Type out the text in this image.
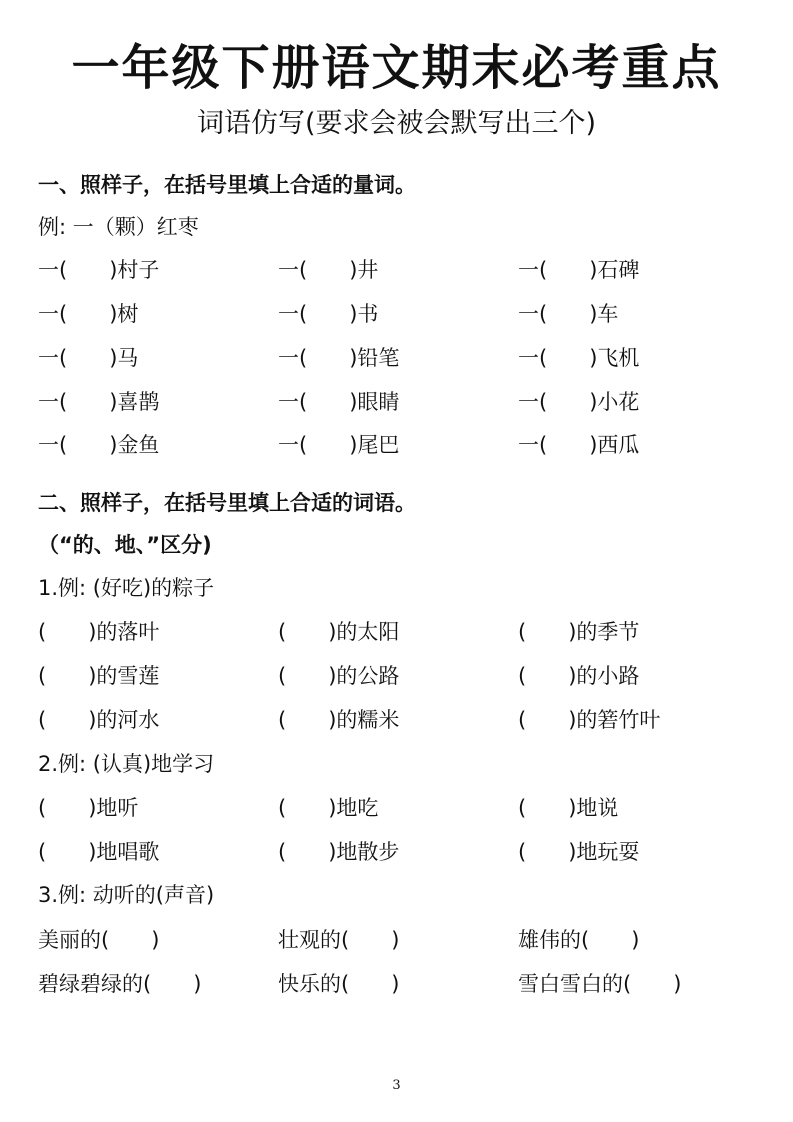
一年级下册语文期末必考重点
词语仿写(要求会被会默写出三个)
一、照样子，在括号里填上合适的量词。
例: 一（颗）红枣
一(　　)村子	一(　　)井	一(　　)石碑
一(　　)树	一(　　)书	一(　　)车
一(　　)马	一(　　)铅笔	一(　　)飞机
一(　　)喜鹊	一(　　)眼睛	一(　　)小花
一(　　)金鱼	一(　　)尾巴	一(　　)西瓜
二、照样子，在括号里填上合适的词语。
（“的、地、”区分)
1.例: (好吃)的粽子
(　　)的落叶	(　　)的太阳	(　　)的季节
(　　)的雪莲	(　　)的公路	(　　)的小路
(　　)的河水	(　　)的糯米	(　　)的箬竹叶
2.例: (认真)地学习
(　　)地听	(　　)地吃	(　　)地说
(　　)地唱歌	(　　)地散步	(　　)地玩耍
3.例: 动听的(声音)
美丽的(　　)	壮观的(　　)	雄伟的(　　)
碧绿碧绿的(　　)	快乐的(　　)	雪白雪白的(　　)
3
